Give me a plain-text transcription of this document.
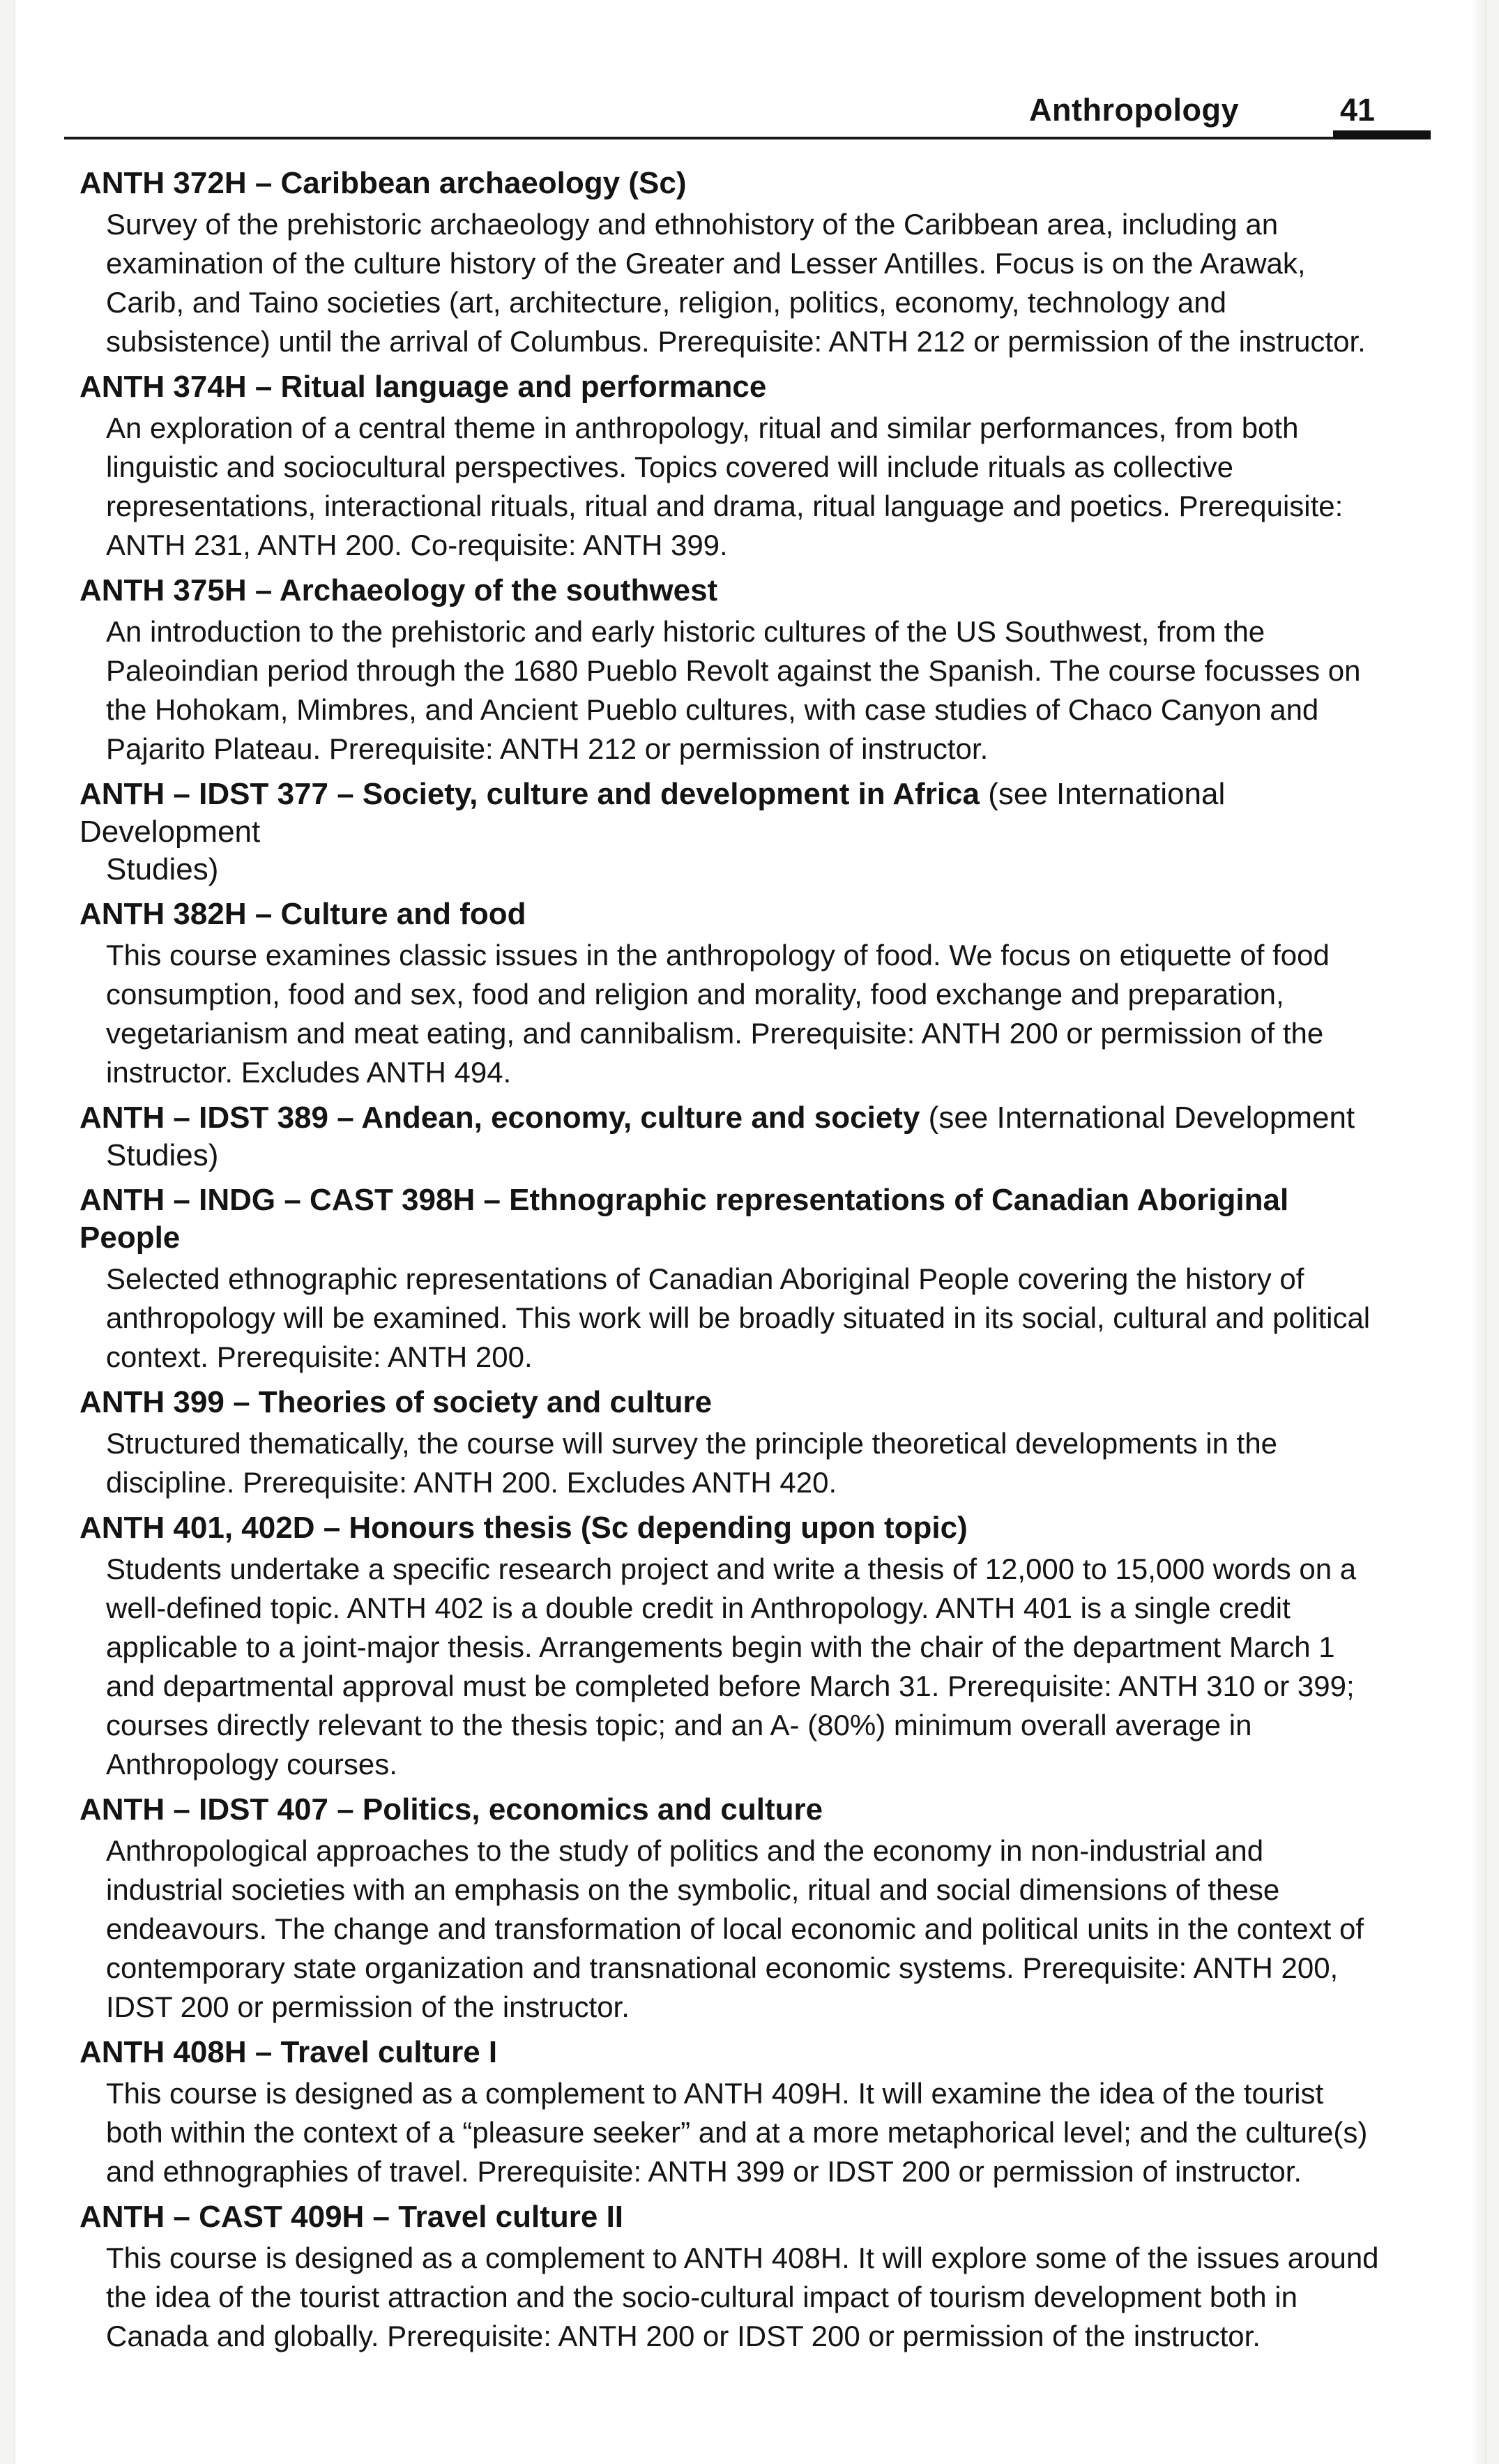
Anthropology	41

ANTH 372H – Caribbean archaeology (Sc)

Survey of the prehistoric archaeology and ethnohistory of the Caribbean area, including an examination of the culture history of the Greater and Lesser Antilles. Focus is on the Arawak, Carib, and Taino societies (art, architecture, religion, politics, economy, technology and subsistence) until the arrival of Columbus. Prerequisite: ANTH 212 or permission of the instructor.

ANTH 374H – Ritual language and performance

An exploration of a central theme in anthropology, ritual and similar performances, from both linguistic and sociocultural perspectives. Topics covered will include rituals as collective representations, interactional rituals, ritual and drama, ritual language and poetics. Prerequisite: ANTH 231, ANTH 200. Co-requisite: ANTH 399.

ANTH 375H – Archaeology of the southwest

An introduction to the prehistoric and early historic cultures of the US Southwest, from the Paleoindian period through the 1680 Pueblo Revolt against the Spanish. The course focusses on the Hohokam, Mimbres, and Ancient Pueblo cultures, with case studies of Chaco Canyon and Pajarito Plateau. Prerequisite: ANTH 212 or permission of instructor.

ANTH – IDST 377 – Society, culture and development in Africa (see International Development

Studies)

ANTH 382H – Culture and food

This course examines classic issues in the anthropology of food. We focus on etiquette of food consumption, food and sex, food and religion and morality, food exchange and preparation, vegetarianism and meat eating, and cannibalism. Prerequisite: ANTH 200 or permission of the instructor. Excludes ANTH 494.

ANTH – IDST 389 – Andean, economy, culture and society (see International Development

Studies)

ANTH – INDG – CAST 398H – Ethnographic representations of Canadian Aboriginal People

Selected ethnographic representations of Canadian Aboriginal People covering the history of anthropology will be examined. This work will be broadly situated in its social, cultural and political context. Prerequisite: ANTH 200.

ANTH 399 – Theories of society and culture

Structured thematically, the course will survey the principle theoretical developments in the discipline. Prerequisite: ANTH 200. Excludes ANTH 420.

ANTH 401, 402D – Honours thesis (Sc depending upon topic)

Students undertake a specific research project and write a thesis of 12,000 to 15,000 words on a well-defined topic. ANTH 402 is a double credit in Anthropology. ANTH 401 is a single credit applicable to a joint-major thesis. Arrangements begin with the chair of the department March 1 and departmental approval must be completed before March 31. Prerequisite: ANTH 310 or 399; courses directly relevant to the thesis topic; and an A- (80%) minimum overall average in Anthropology courses.

ANTH – IDST 407 – Politics, economics and culture

Anthropological approaches to the study of politics and the economy in non-industrial and industrial societies with an emphasis on the symbolic, ritual and social dimensions of these endeavours. The change and transformation of local economic and political units in the context of contemporary state organization and transnational economic systems. Prerequisite: ANTH 200, IDST 200 or permission of the instructor.

ANTH 408H – Travel culture I

This course is designed as a complement to ANTH 409H. It will examine the idea of the tourist both within the context of a “pleasure seeker” and at a more metaphorical level; and the culture(s) and ethnographies of travel. Prerequisite: ANTH 399 or IDST 200 or permission of instructor.

ANTH – CAST 409H – Travel culture II

This course is designed as a complement to ANTH 408H. It will explore some of the issues around the idea of the tourist attraction and the socio-cultural impact of tourism development both in Canada and globally. Prerequisite: ANTH 200 or IDST 200 or permission of the instructor.
